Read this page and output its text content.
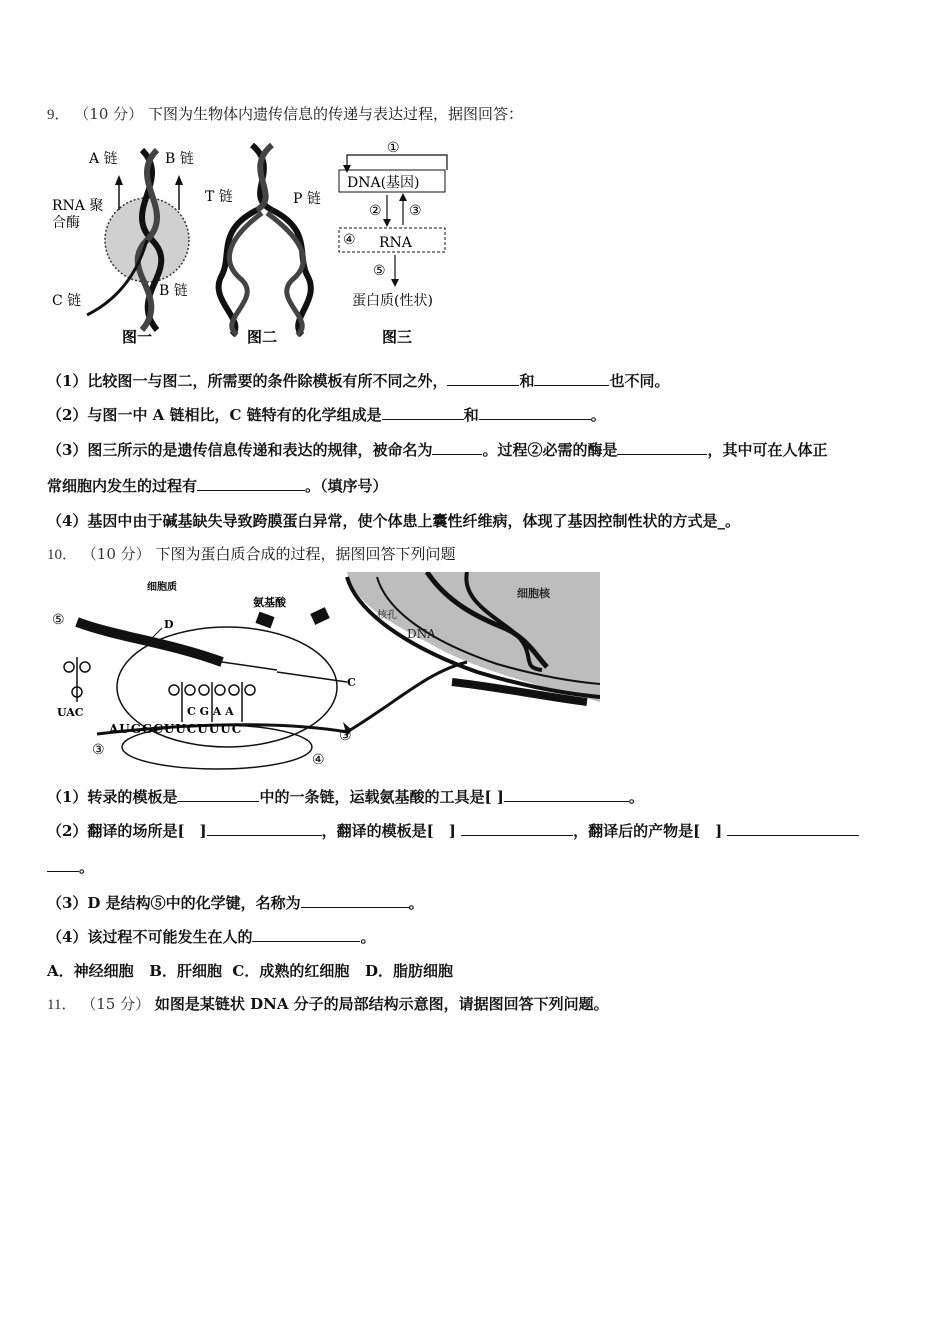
9． （10 分） 下图为生物体内遗传信息的传递与表达过程，据图回答：
A 链	B 链
RNA 聚
合酶
C 链
B 链
图一
T 链	P 链
图二
①
DNA(基因)
② ③
④ RNA
⑤
蛋白质(性状)
图三
（1）比较图一与图二，所需要的条件除模板有所不同之外，	和	也不同。
（2）与图一中 A 链相比，C 链特有的化学组成是	和	。
（3）图三所示的是遗传信息传递和表达的规律，被命名为	。过程②必需的酶是	，其中可在人体正
常细胞内发生的过程有	。（填序号）
（4）基因中由于碱基缺失导致跨膜蛋白异常，使个体患上囊性纤维病，体现了基因控制性状的方式是_。
10． （10 分） 下图为蛋白质合成的过程，据图回答下列问题
细胞质	细胞核
氨基酸
核孔
DNA
⑤	D
C
UAC	C G A A
AUGGCUUCUUUC
③
③
④
（1）转录的模板是	中的一条链，运载氨基酸的工具是[ ]	。
（2）翻译的场所是[　]	，翻译的模板是[　]	，翻译后的产物是[　]
。
（3）D 是结构⑤中的化学键，名称为	。
（4）该过程不可能发生在人的	。
A．神经细胞   B．肝细胞  C．成熟的红细胞   D．脂肪细胞
11． （15 分） 如图是某链状 DNA 分子的局部结构示意图，请据图回答下列问题。
